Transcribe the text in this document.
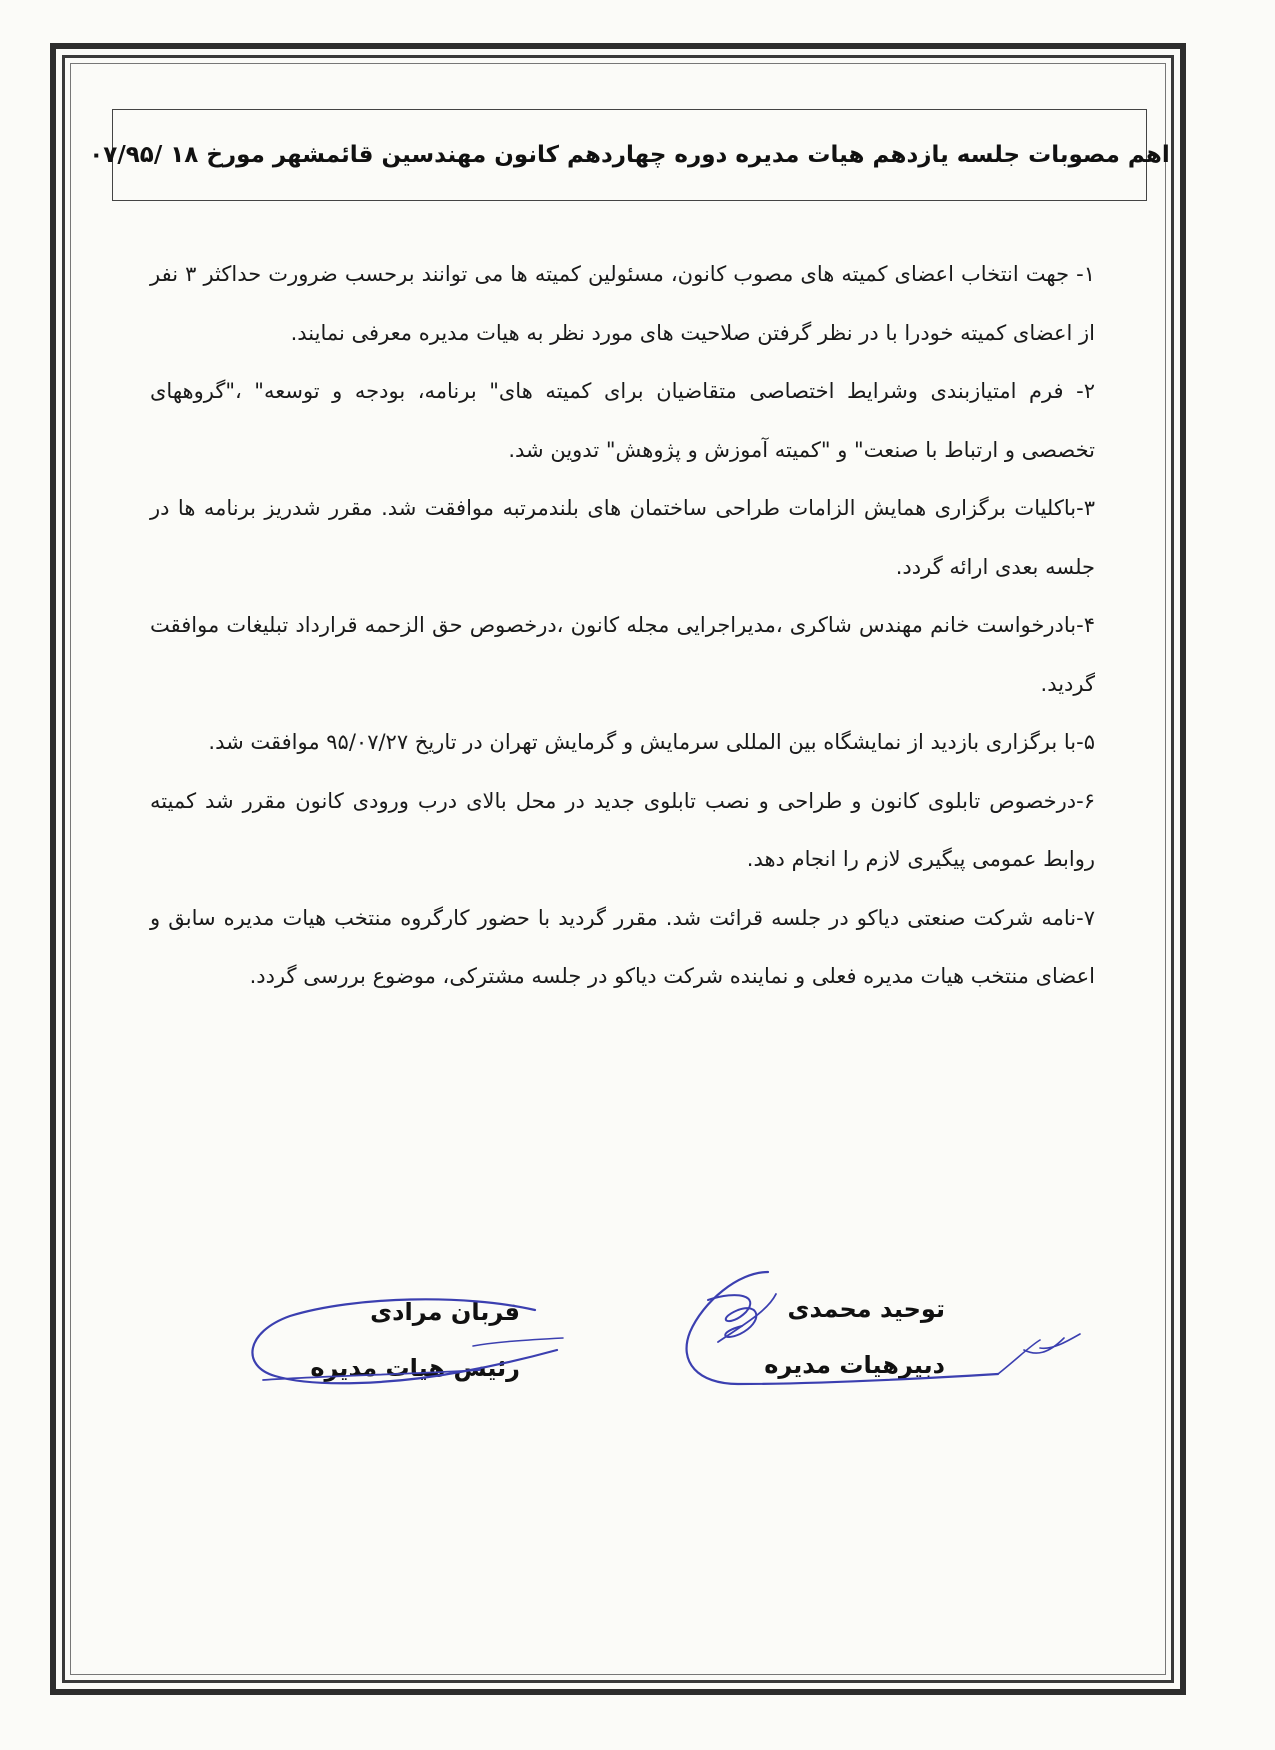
اهم مصوبات جلسه یازدهم هیات مدیره دوره چهاردهم کانون مهندسین قائمشهر مورخ ۱۸ /۰۷/۹۵

۱- جهت انتخاب اعضای کمیته های مصوب کانون، مسئولین کمیته ها می توانند برحسب ضرورت حداکثر ۳ نفر از اعضای کمیته خودرا با در نظر گرفتن صلاحیت های مورد نظر به هیات مدیره معرفی نمایند.

۲- فرم امتیازبندی وشرایط اختصاصی متقاضیان برای کمیته های" برنامه، بودجه و توسعه" ،"گروههای تخصصی و ارتباط با صنعت" و "کمیته آموزش و پژوهش" تدوین شد.

۳-باکلیات برگزاری همایش الزامات طراحی ساختمان های بلندمرتبه موافقت شد. مقرر شدریز برنامه ها در جلسه بعدی ارائه گردد.

۴-بادرخواست خانم مهندس شاکری ،مدیراجرایی مجله کانون ،درخصوص حق الزحمه قرارداد تبلیغات موافقت گردید.

۵-با برگزاری بازدید از نمایشگاه بین المللی سرمایش و گرمایش تهران در تاریخ ۹۵/۰۷/۲۷ موافقت شد.

۶-درخصوص تابلوی کانون و طراحی و نصب تابلوی جدید در محل بالای درب ورودی کانون مقرر شد کمیته روابط عمومی پیگیری لازم را انجام دهد.

۷-نامه شرکت صنعتی دیاکو در جلسه قرائت شد. مقرر گردید با حضور کارگروه منتخب هیات مدیره سابق و اعضای منتخب هیات مدیره فعلی و نماینده شرکت دیاکو در جلسه مشترکی، موضوع بررسی گردد.

قربان مرادی
رئیس هیات مدیره
توحید محمدی
دبیرهیات مدیره
